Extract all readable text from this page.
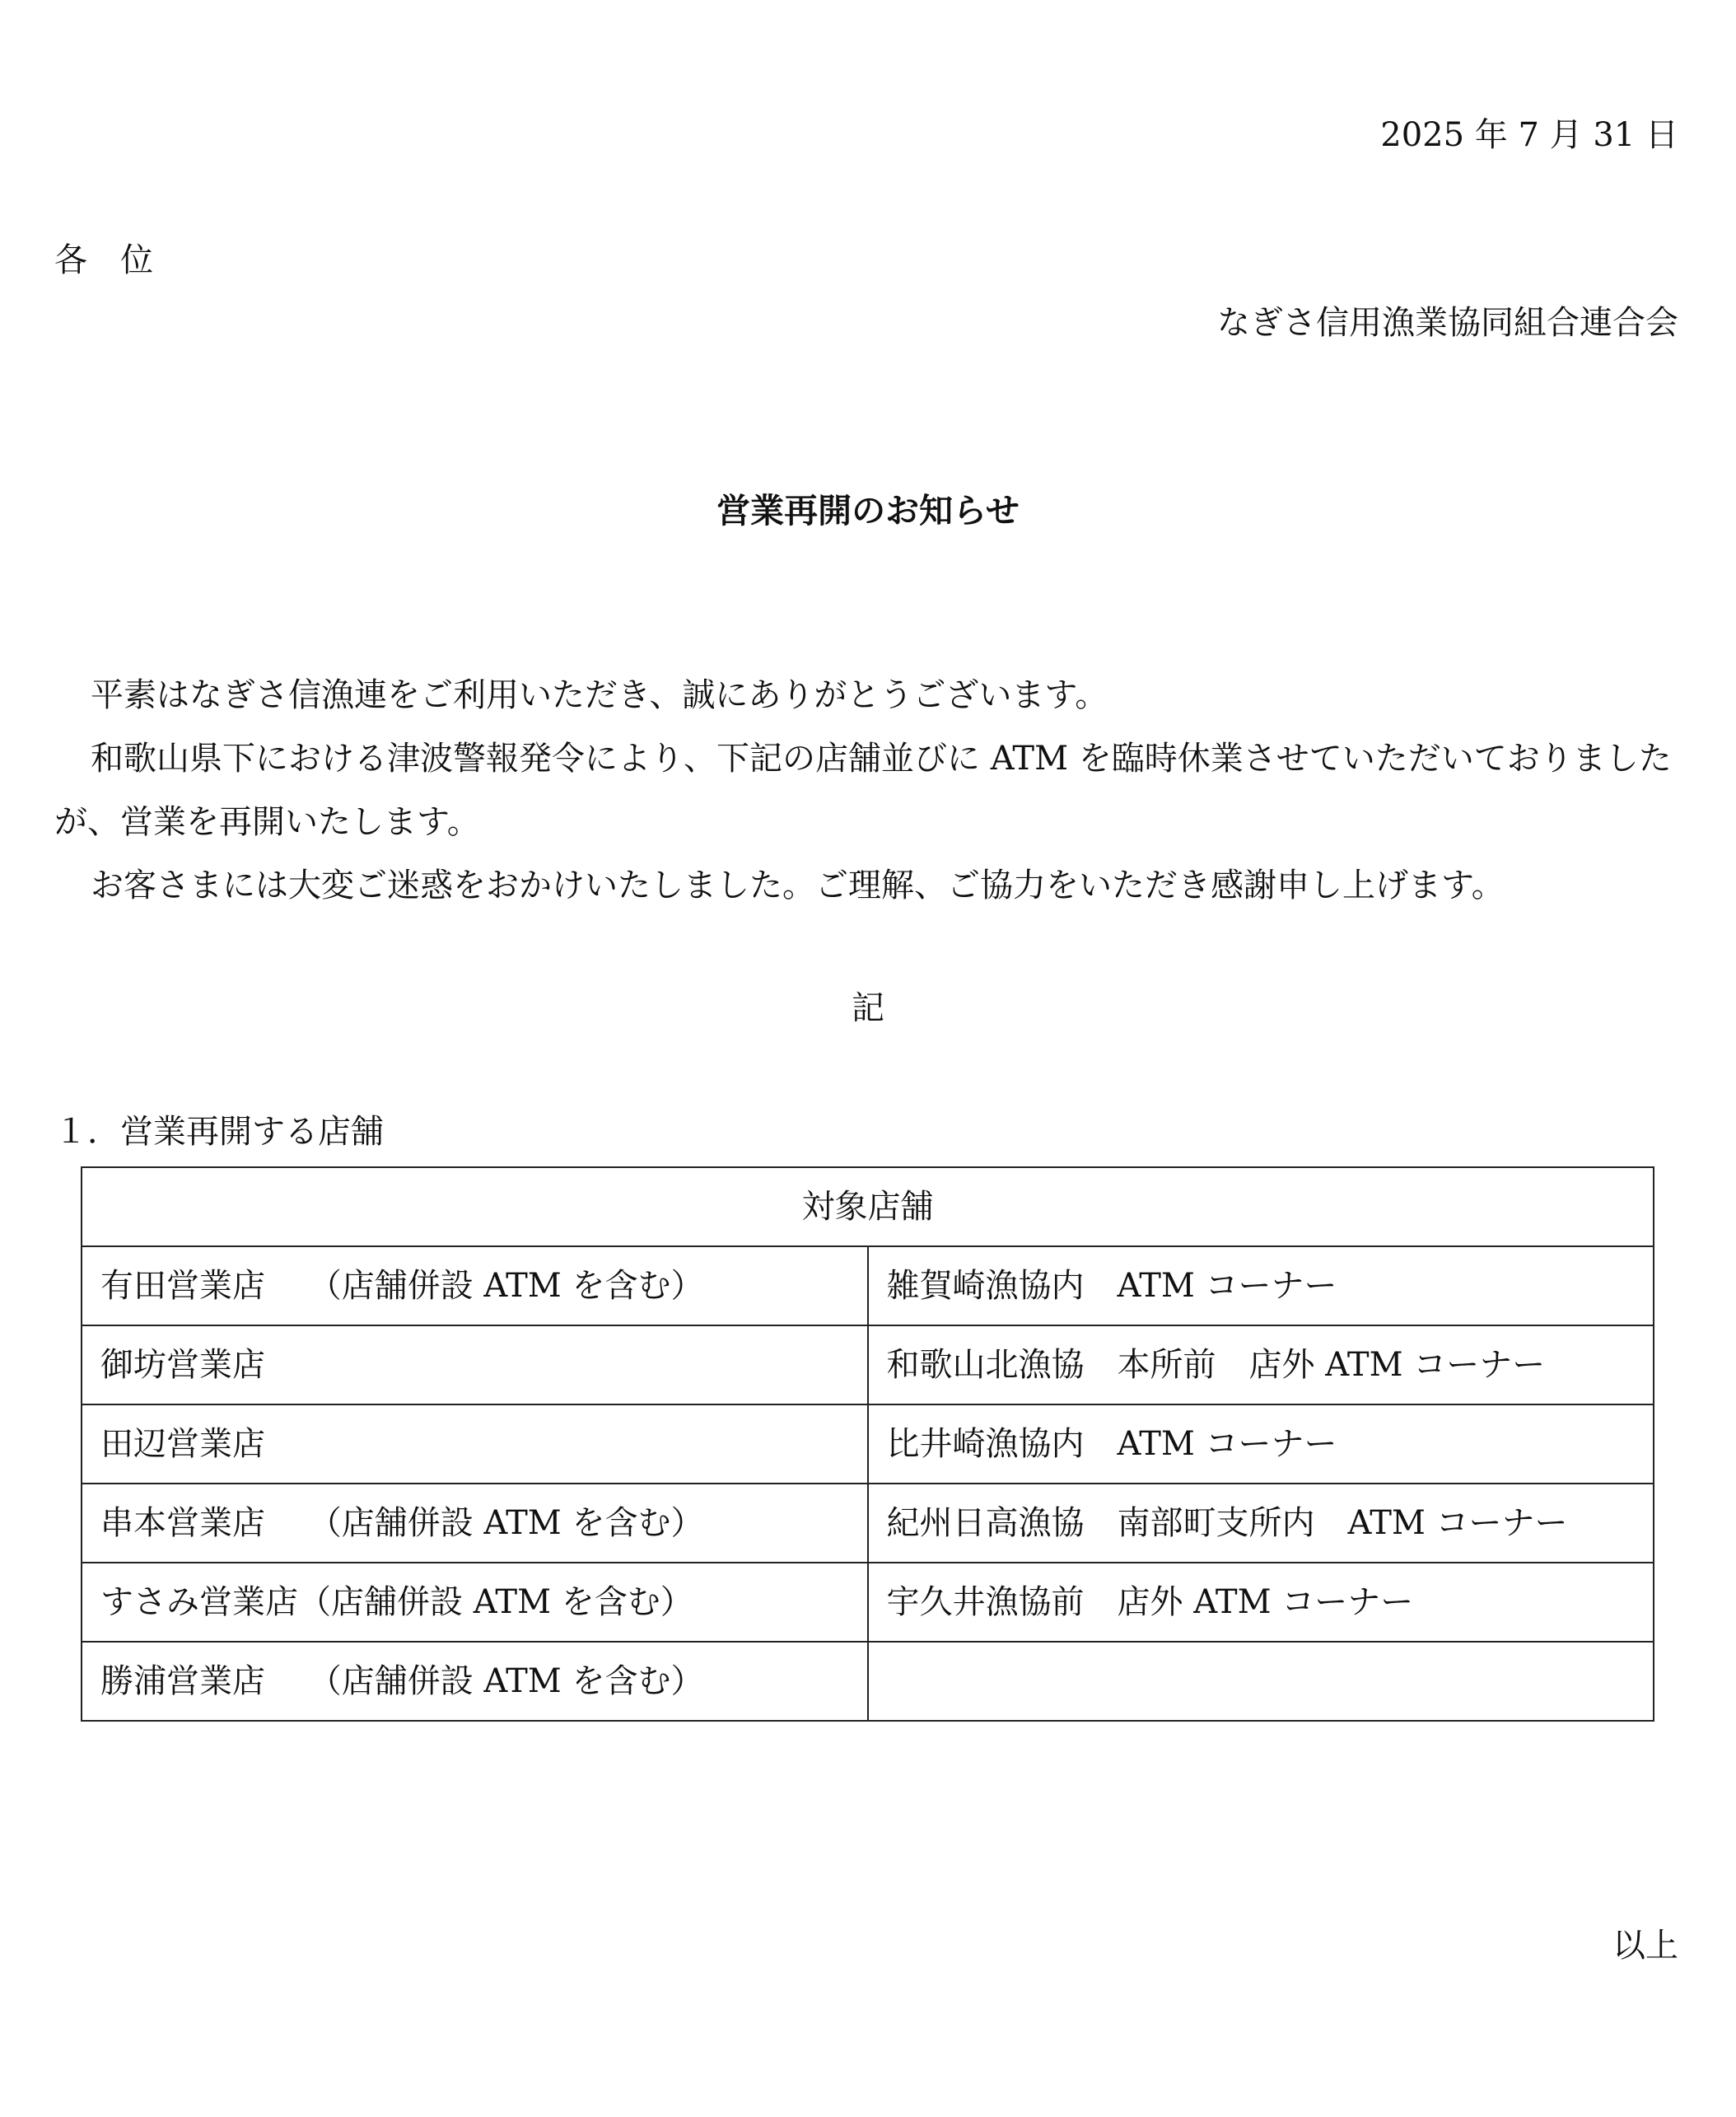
2025 年 7 月 31 日
各　位
なぎさ信用漁業協同組合連合会
営業再開のお知らせ
平素はなぎさ信漁連をご利用いただき、誠にありがとうございます。
和歌山県下における津波警報発令により、下記の店舗並びに ATM を臨時休業させていただいておりましたが、営業を再開いたします。
お客さまには大変ご迷惑をおかけいたしました。ご理解、ご協力をいただき感謝申し上げます。
記
１．営業再開する店舗
対象店舗	
有田営業店　 （店舗併設 ATM を含む）	雑賀崎漁協内　ATM コーナー
御坊営業店	和歌山北漁協　本所前　店外 ATM コーナー
田辺営業店	比井崎漁協内　ATM コーナー
串本営業店　 （店舗併設 ATM を含む）	紀州日高漁協　南部町支所内　ATM コーナー
すさみ営業店（店舗併設 ATM を含む）	宇久井漁協前　店外 ATM コーナー
勝浦営業店　 （店舗併設 ATM を含む）	
以上
